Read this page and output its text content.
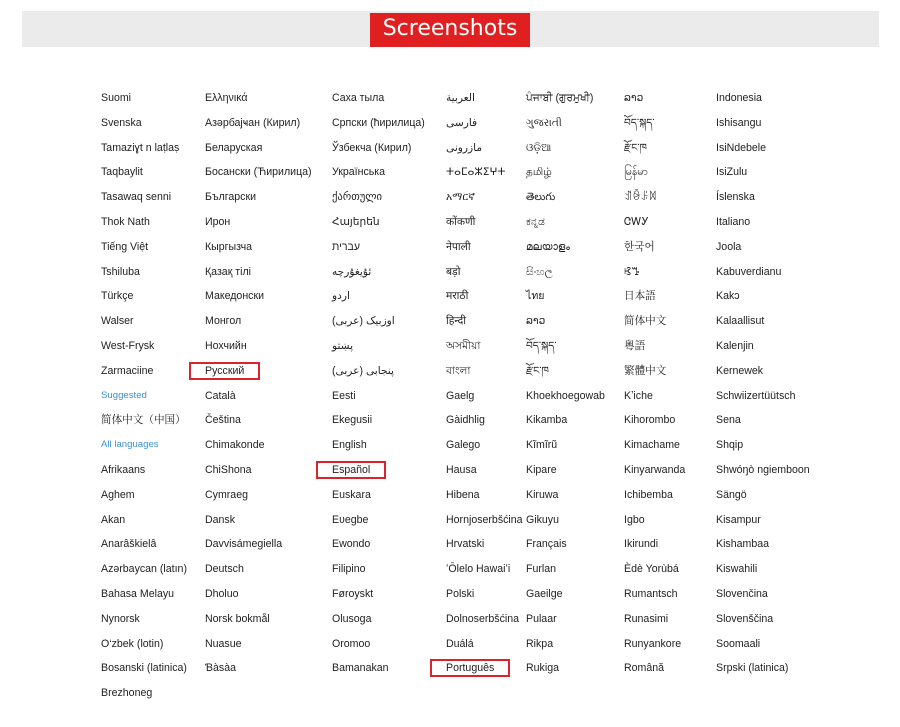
Screenshots
Suomi
Svenska
Tamaziɣt n laṭlaṣ
Taqbaylit
Tasawaq senni
Thok Nath
Tiếng Việt
Tshiluba
Türkçe
Walser
West-Frysk
Zarmaciine
Suggested
简体中文（中国）
All languages
Afrikaans
Aghem
Akan
Anarâškielâ
Azərbaycan (latın)
Bahasa Melayu
Nynorsk
O‘zbek (lotin)
Bosanski (latinica)
Brezhoneg
Ελληνικά
Азәрбајҹан (Кирил)
Беларуская
Босански (Ћирилица)
Български
Ирон
Кыргызча
Қазақ тілі
Македонски
Монгол
Нохчийн
Русский
Català
Čeština
Chimakonde
ChiShona
Cymraeg
Dansk
Davvisámegiella
Deutsch
Dholuo
Norsk bokmål
Nuasue
Ɓàsàa
Саха тыла
Српски (ћирилица)
Ўзбекча (Кирил)
Українська
ქართული
Հայերեն
עברית
ئۇيغۇرچە
اردو
اوزبیک (عربی)
پښتو
پنجابی (عربی)
Eesti
Ekegusii
English
Español
Euskara
Eʋegbe
Ewondo
Filipino
Føroyskt
Olusoga
Oromoo
Bamanakan
العربية
فارسی
مازرونی
ⵜⴰⵎⴰⵣⵉⵖⵜ
አማርኛ
कोंकणी
नेपाली
बड़ो
मराठी
हिन्दी
অসমীয়া
বাংলা
Gaelg
Gàidhlig
Galego
Hausa
Hibena
Hornjoserbšćina
Hrvatski
ʻŌlelo Hawaiʻi
Polski
Dolnoserbšćina
Duálá
Português
ਪੰਜਾਬੀ (ਗੁਰਮੁਖੀ)
ગુજરાતી
ଓଡ଼ିଆ
தமிழ்
తెలుగు
ಕನ್ನಡ
മലയാളം
සිංහල
ไทย
ລາວ
བོད་སྐད་
རྫོང་ཁ
Khoekhoegowab
Kikamba
Kĩmĩrũ
Kipare
Kiruwa
Gikuyu
Français
Furlan
Gaeilge
Pulaar
Rikpa
Rukiga
ລາວ
བོད་སྐད་
རྫོང་ཁ
မြန်မာ
ꀊꆨꌠꉙ
ᏣᎳᎩ
한국어
ꕙꔤ
日本語
简体中文
粵語
繁體中文
Kʼiche
Kihorombo
Kimachame
Kinyarwanda
Ichibemba
Igbo
Ikirundi
Èdè Yorùbá
Rumantsch
Runasimi
Runyankore
Română
Indonesia
Ishisangu
IsiNdebele
IsiZulu
Íslenska
Italiano
Joola
Kabuverdianu
Kakɔ
Kalaallisut
Kalenjin
Kernewek
Schwiizertüütsch
Sena
Shqip
Shwóŋò ngiemboon
Sängö
Kisampur
Kishambaa
Kiswahili
Slovenčina
Slovenščina
Soomaali
Srpski (latinica)
